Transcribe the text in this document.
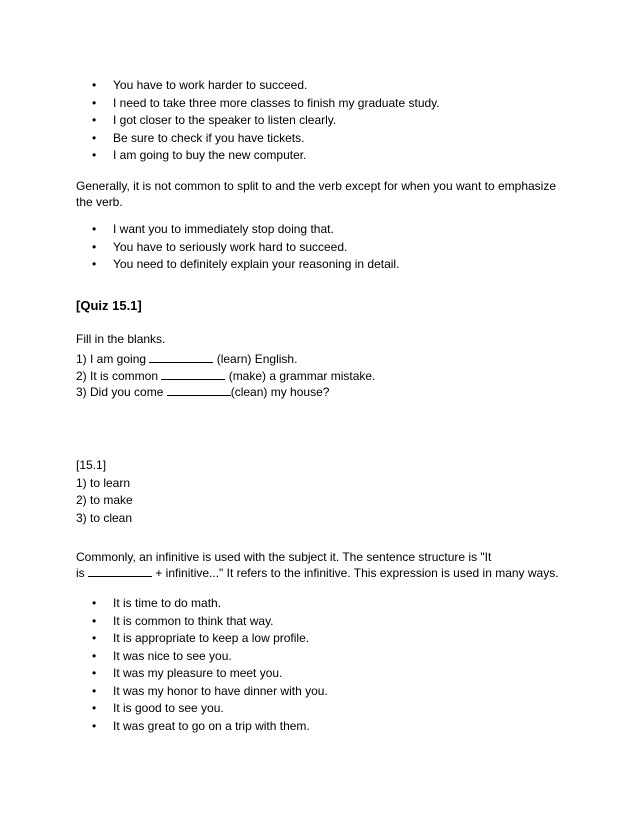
• You have to work harder to succeed.
• I need to take three more classes to finish my graduate study.
• I got closer to the speaker to listen clearly.
• Be sure to check if you have tickets.
• I am going to buy the new computer.

Generally, it is not common to split to and the verb except for when you want to emphasize the verb.

• I want you to immediately stop doing that.
• You have to seriously work hard to succeed.
• You need to definitely explain your reasoning in detail.
[Quiz 15.1]
Fill in the blanks.
1) I am going	(learn) English.
2) It is common	(make) a grammar mistake.
3) Did you come	(clean) my house?
[15.1]
1) to learn
2) to make
3) to clean
Commonly, an infinitive is used with the subject it. The sentence structure is "It
is	+ infinitive..." It refers to the infinitive. This expression is used in many ways.
• It is time to do math.
• It is common to think that way.
• It is appropriate to keep a low profile.
• It was nice to see you.
• It was my pleasure to meet you.
• It was my honor to have dinner with you.
• It is good to see you.
• It was great to go on a trip with them.
